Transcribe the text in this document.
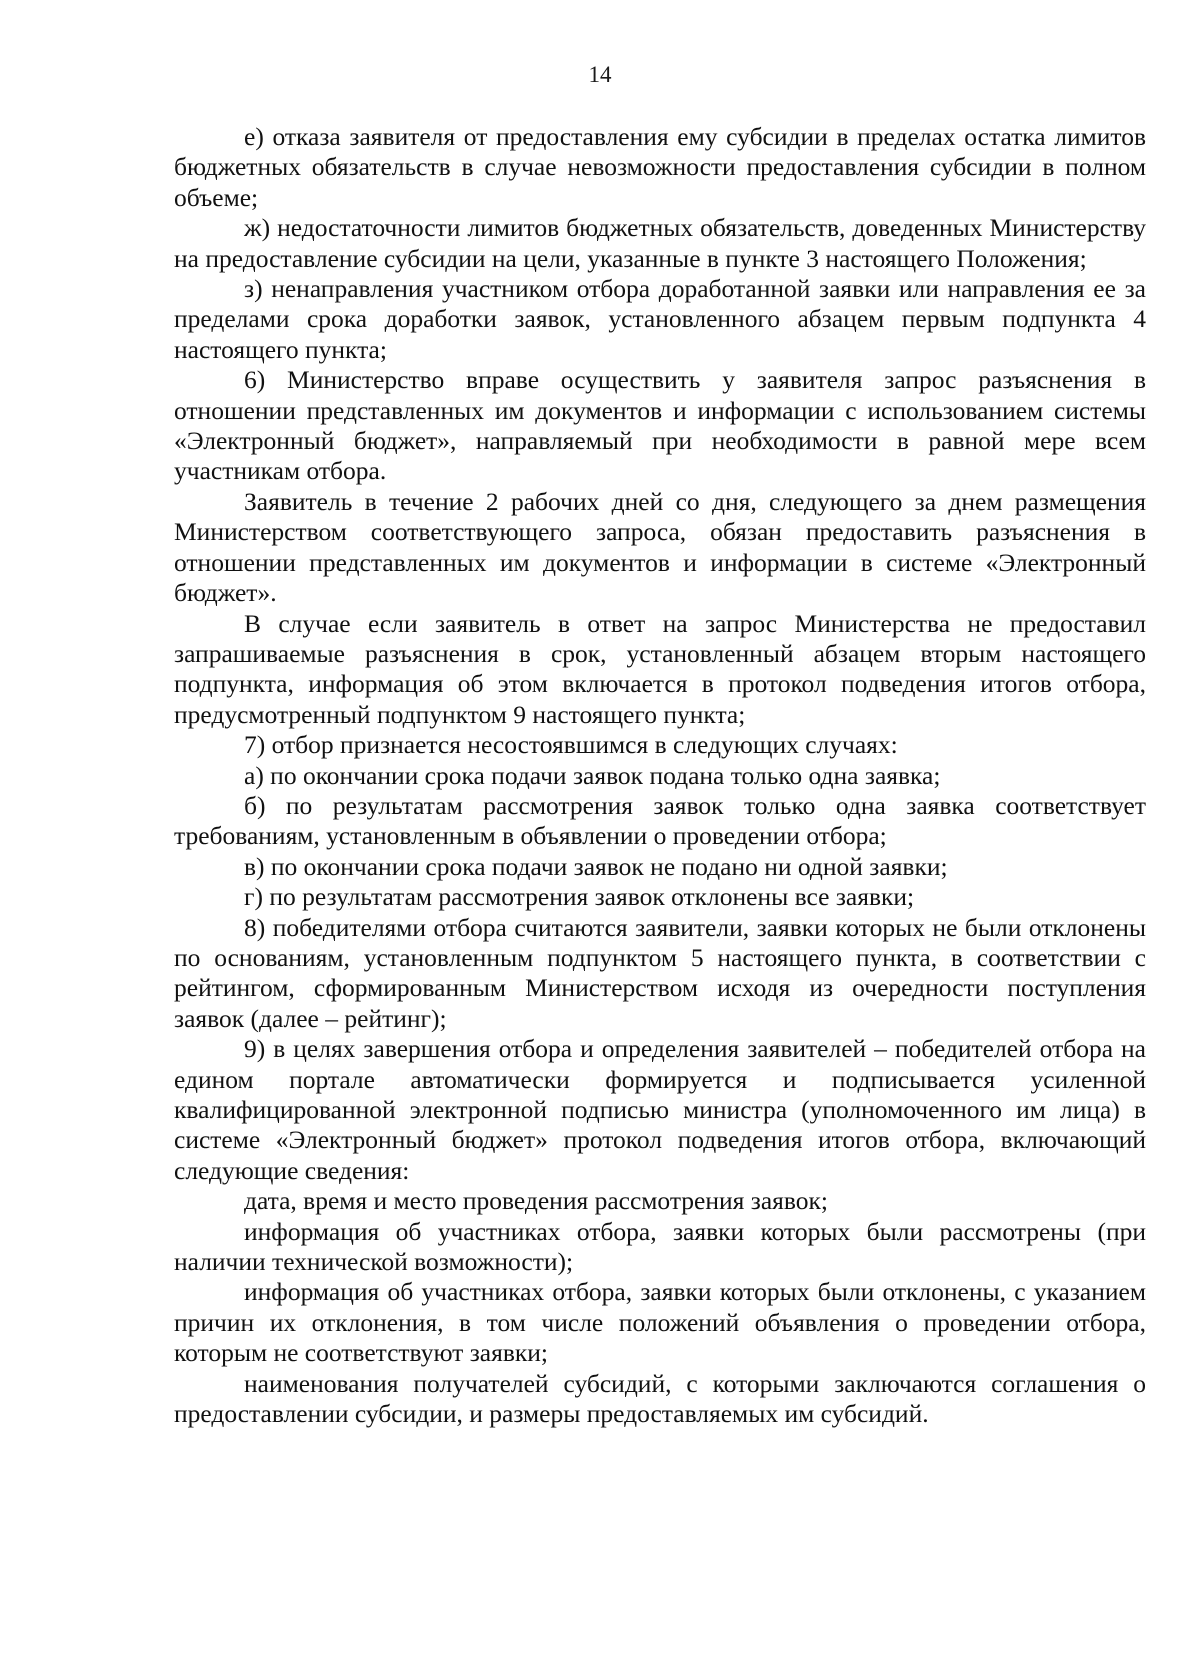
14

е) отказа заявителя от предоставления ему субсидии в пределах остатка лимитов бюджетных обязательств в случае невозможности предоставления субсидии в полном объеме;

ж) недостаточности лимитов бюджетных обязательств, доведенных Министерству на предоставление субсидии на цели, указанные в пункте 3 настоящего Положения;

з) ненаправления участником отбора доработанной заявки или направления ее за пределами срока доработки заявок, установленного абзацем первым подпункта 4 настоящего пункта;

6) Министерство вправе осуществить у заявителя запрос разъяснения в отношении представленных им документов и информации с использованием системы «Электронный бюджет», направляемый при необходимости в равной мере всем участникам отбора.

Заявитель в течение 2 рабочих дней со дня, следующего за днем размещения Министерством соответствующего запроса, обязан предоставить разъяснения в отношении представленных им документов и информации в системе «Электронный бюджет».

В случае если заявитель в ответ на запрос Министерства не предоставил запрашиваемые разъяснения в срок, установленный абзацем вторым настоящего подпункта, информация об этом включается в протокол подведения итогов отбора, предусмотренный подпунктом 9 настоящего пункта;

7) отбор признается несостоявшимся в следующих случаях:

а) по окончании срока подачи заявок подана только одна заявка;

б) по результатам рассмотрения заявок только одна заявка соответствует требованиям, установленным в объявлении о проведении отбора;

в) по окончании срока подачи заявок не подано ни одной заявки;

г) по результатам рассмотрения заявок отклонены все заявки;

8) победителями отбора считаются заявители, заявки которых не были отклонены по основаниям, установленным подпунктом 5 настоящего пункта, в соответствии с рейтингом, сформированным Министерством исходя из очередности поступления заявок (далее – рейтинг);

9) в целях завершения отбора и определения заявителей – победителей отбора на едином портале автоматически формируется и подписывается усиленной квалифицированной электронной подписью министра (уполномоченного им лица) в системе «Электронный бюджет» протокол подведения итогов отбора, включающий следующие сведения:

дата, время и место проведения рассмотрения заявок;

информация об участниках отбора, заявки которых были рассмотрены (при наличии технической возможности);

информация об участниках отбора, заявки которых были отклонены, с указанием причин их отклонения, в том числе положений объявления о проведении отбора, которым не соответствуют заявки;

наименования получателей субсидий, с которыми заключаются соглашения о предоставлении субсидии, и размеры предоставляемых им субсидий.
